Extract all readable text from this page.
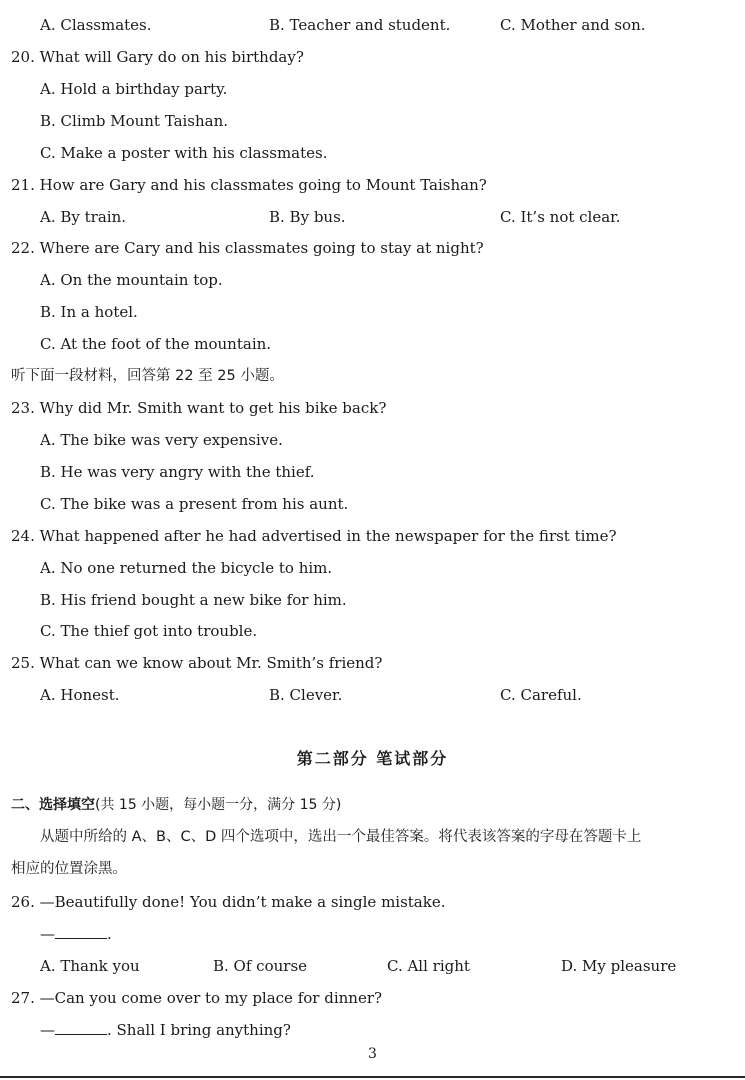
A. Classmates.	B. Teacher and student.	C. Mother and son.
20. What will Gary do on his birthday?
A. Hold a birthday party.
B. Climb Mount Taishan.
C. Make a poster with his classmates.
21. How are Gary and his classmates going to Mount Taishan?
A. By train.	B. By bus.	C. It’s not clear.
22. Where are Cary and his classmates going to stay at night?
A. On the mountain top.
B. In a hotel.
C. At the foot of the mountain.
听下面一段材料，回答第 22 至 25 小题。
23. Why did Mr. Smith want to get his bike back?
A. The bike was very expensive.
B. He was very angry with the thief.
C. The bike was a present from his aunt.
24. What happened after he had advertised in the newspaper for the first time?
A. No one returned the bicycle to him.
B. His friend bought a new bike for him.
C. The thief got into trouble.
25. What can we know about Mr. Smith’s friend?
A. Honest.	B. Clever.	C. Careful.
第二部分 笔试部分
二、选择填空(共 15 小题，每小题一分，满分 15 分)
从题中所给的 A、B、C、D 四个选项中，选出一个最佳答案。将代表该答案的字母在答题卡上
相应的位置涂黑。
26. —Beautifully done! You didn’t make a single mistake.
—	.
A. Thank you	B. Of course	C. All right	D. My pleasure
27. —Can you come over to my place for dinner?
—	. Shall I bring anything?
3
